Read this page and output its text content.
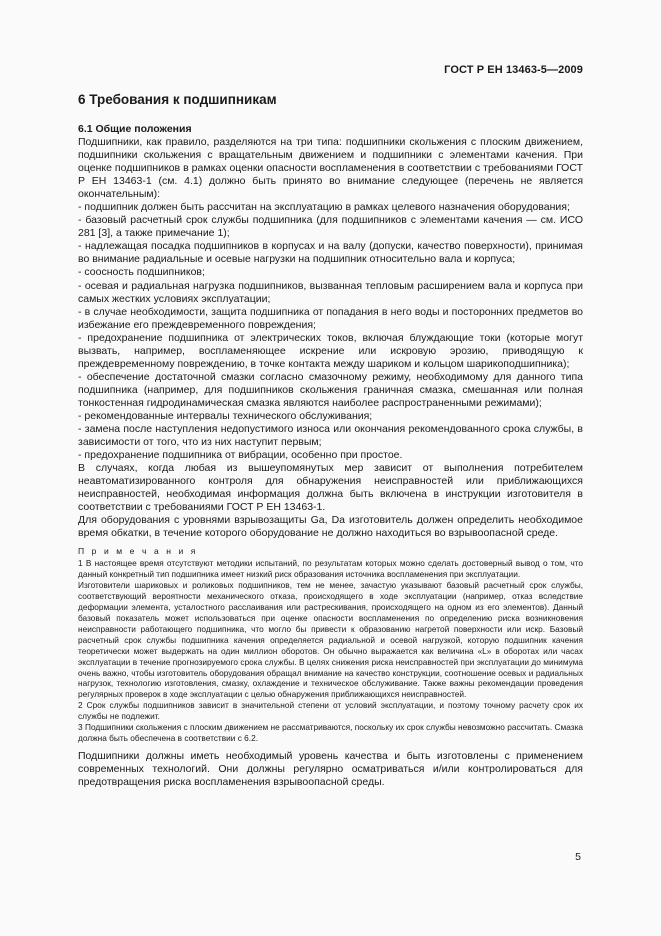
ГОСТ Р ЕН 13463-5—2009
6 Требования к подшипникам
6.1 Общие положения
Подшипники, как правило, разделяются на три типа: подшипники скольжения с плоским движением, подшипники скольжения с вращательным движением и подшипники с элементами качения. При оценке подшипников в рамках оценки опасности воспламенения в соответствии с требованиями ГОСТ Р ЕН 13463-1 (см. 4.1) должно быть принято во внимание следующее (перечень не является окончательным):
- подшипник должен быть рассчитан на эксплуатацию в рамках целевого назначения оборудования;
- базовый расчетный срок службы подшипника (для подшипников с элементами качения — см. ИСО 281 [3], а также примечание 1);
- надлежащая посадка подшипников в корпусах и на валу (допуски, качество поверхности), принимая во внимание радиальные и осевые нагрузки на подшипник относительно вала и корпуса;
- соосность подшипников;
- осевая и радиальная нагрузка подшипников, вызванная тепловым расширением вала и корпуса при самых жестких условиях эксплуатации;
- в случае необходимости, защита подшипника от попадания в него воды и посторонних предметов во избежание его преждевременного повреждения;
- предохранение подшипника от электрических токов, включая блуждающие токи (которые могут вызвать, например, воспламеняющее искрение или искровую эрозию, приводящую к преждевременному повреждению, в точке контакта между шариком и кольцом шарикоподшипника);
- обеспечение достаточной смазки согласно смазочному режиму, необходимому для данного типа подшипника (например, для подшипников скольжения граничная смазка, смешанная или полная тонкостенная гидродинамическая смазка являются наиболее распространенными режимами);
- рекомендованные интервалы технического обслуживания;
- замена после наступления недопустимого износа или окончания рекомендованного срока службы, в зависимости от того, что из них наступит первым;
- предохранение подшипника от вибрации, особенно при простое.
В случаях, когда любая из вышеупомянутых мер зависит от выполнения потребителем неавтоматизированного контроля для обнаружения неисправностей или приближающихся неисправностей, необходимая информация должна быть включена в инструкции изготовителя в соответствии с требованиями ГОСТ Р ЕН 13463-1.
Для оборудования с уровнями взрывозащиты Ga, Da изготовитель должен определить необходимое время обкатки, в течение которого оборудование не должно находиться во взрывоопасной среде.
П р и м е ч а н и я
1 В настоящее время отсутствуют методики испытаний, по результатам которых можно сделать достоверный вывод о том, что данный конкретный тип подшипника имеет низкий риск образования источника воспламенения при эксплуатации.
Изготовители шариковых и роликовых подшипников, тем не менее, зачастую указывают базовый расчетный срок службы, соответствующий вероятности механического отказа, происходящего в ходе эксплуатации (например, отказ вследствие деформации элемента, усталостного расслаивания или растрескивания, происходящего на одном из его элементов). Данный базовый показатель может использоваться при оценке опасности воспламенения по определению риска возникновения неисправности работающего подшипника, что могло бы привести к образованию нагретой поверхности или искр. Базовый расчетный срок службы подшипника качения определяется радиальной и осевой нагрузкой, которую подшипник качения теоретически может выдержать на один миллион оборотов. Он обычно выражается как величина «L» в оборотах или часах эксплуатации в течение прогнозируемого срока службы. В целях снижения риска неисправностей при эксплуатации до минимума очень важно, чтобы изготовитель оборудования обращал внимание на качество конструкции, соотношение осевых и радиальных нагрузок, технологию изготовления, смазку, охлаждение и техническое обслуживание. Также важны рекомендации проведения регулярных проверок в ходе эксплуатации с целью обнаружения приближающихся неисправностей.
2 Срок службы подшипников зависит в значительной степени от условий эксплуатации, и поэтому точному расчету срок их службы не подлежит.
3 Подшипники скольжения с плоским движением не рассматриваются, поскольку их срок службы невозможно рассчитать. Смазка должна быть обеспечена в соответствии с 6.2.
Подшипники должны иметь необходимый уровень качества и быть изготовлены с применением современных технологий. Они должны регулярно осматриваться и/или контролироваться для предотвращения риска воспламенения взрывоопасной среды.
5
